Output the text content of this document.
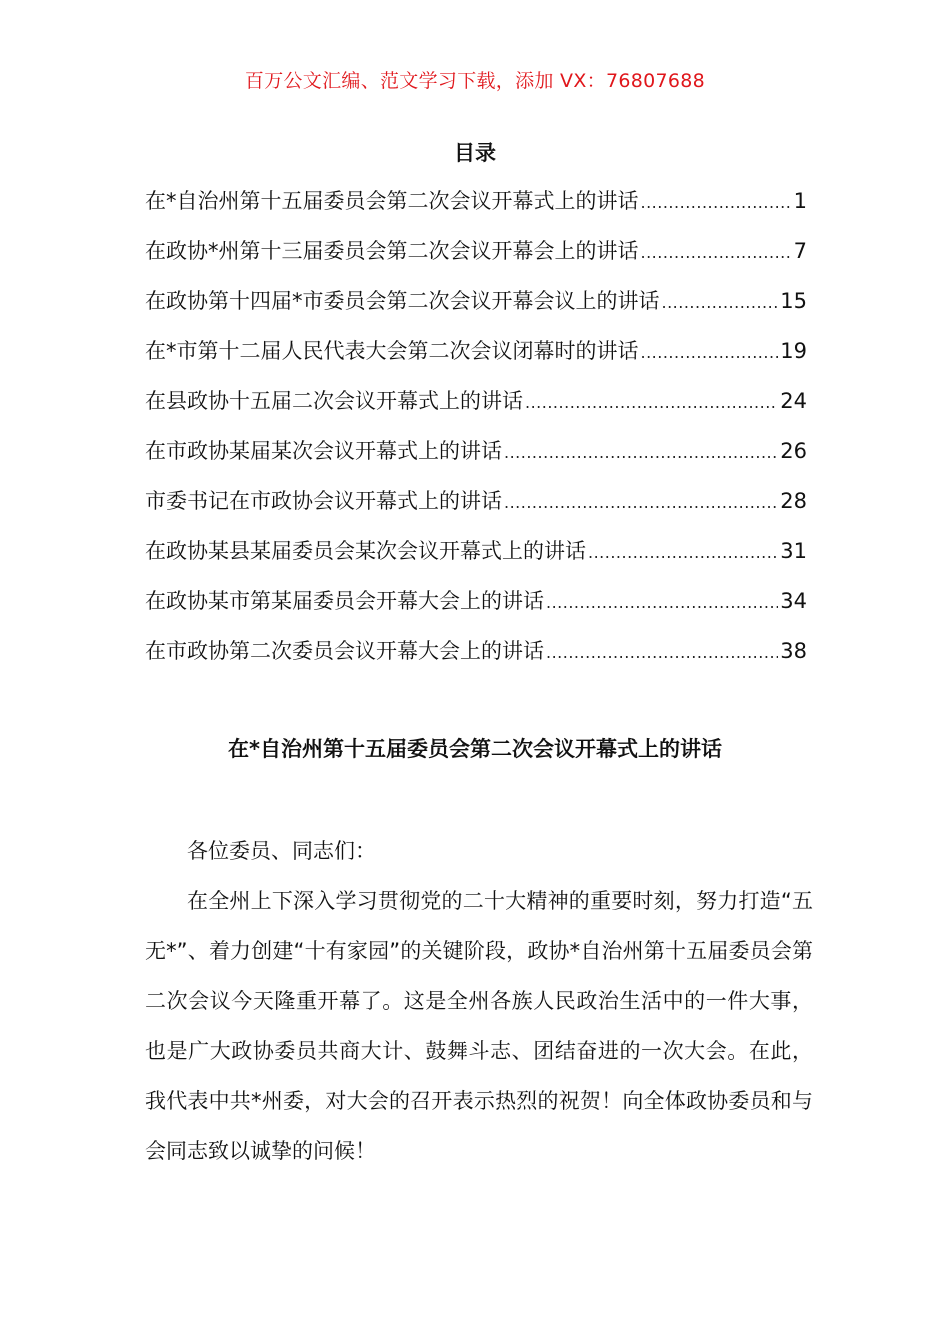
百万公文汇编、范文学习下载，添加 VX：76807688
目录
在*自治州第十五届委员会第二次会议开幕式上的讲话 .....	1
在政协*州第十三届委员会第二次会议开幕会上的讲话 .....	7
在政协第十四届*市委员会第二次会议开幕会议上的讲话 .....	15
在*市第十二届人民代表大会第二次会议闭幕时的讲话 .....	19
在县政协十五届二次会议开幕式上的讲话 .....	24
在市政协某届某次会议开幕式上的讲话 .....	26
市委书记在市政协会议开幕式上的讲话 .....	28
在政协某县某届委员会某次会议开幕式上的讲话 .....	31
在政协某市第某届委员会开幕大会上的讲话 .....	34
在市政协第二次委员会议开幕大会上的讲话 .....	38
在*自治州第十五届委员会第二次会议开幕式上的讲话

各位委员、同志们：

在全州上下深入学习贯彻党的二十大精神的重要时刻，努力打造“五无*”、着力创建“十有家园”的关键阶段，政协*自治州第十五届委员会第二次会议今天隆重开幕了。这是全州各族人民政治生活中的一件大事，也是广大政协委员共商大计、鼓舞斗志、团结奋进的一次大会。在此，我代表中共*州委，对大会的召开表示热烈的祝贺！向全体政协委员和与会同志致以诚挚的问候！
